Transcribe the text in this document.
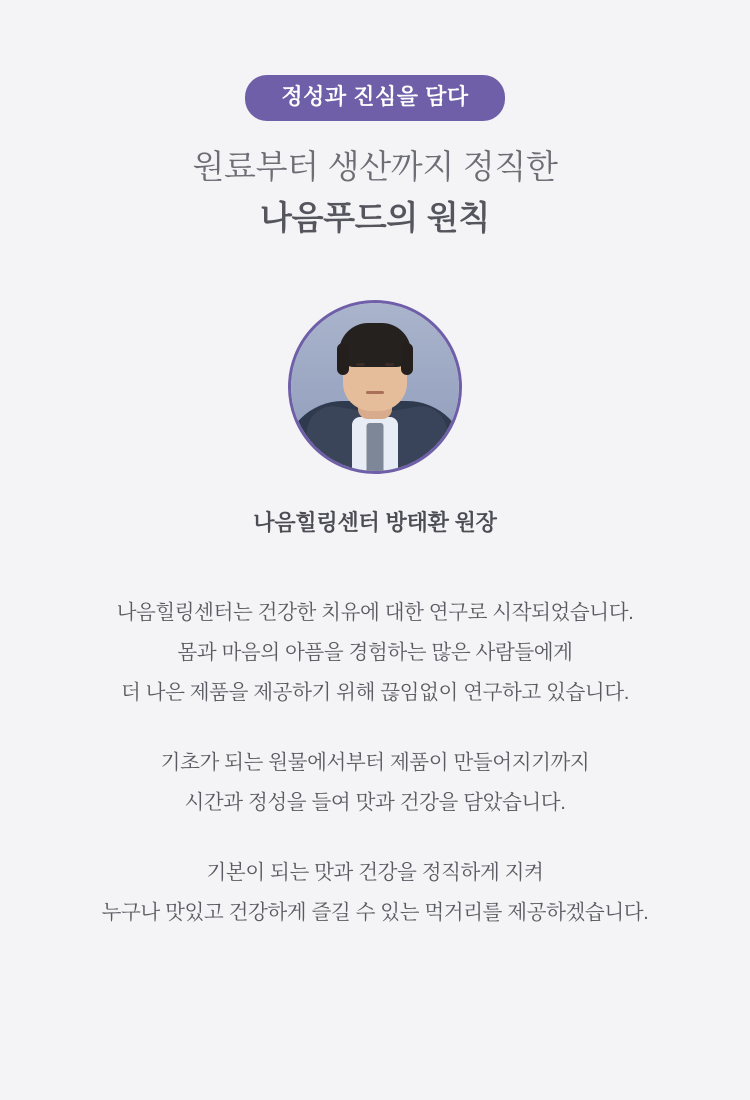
정성과 진심을 담다
원료부터 생산까지 정직한
나음푸드의 원칙
나음힐링센터 방태환 원장

나음힐링센터는 건강한 치유에 대한 연구로 시작되었습니다.
몸과 마음의 아픔을 경험하는 많은 사람들에게
더 나은 제품을 제공하기 위해 끊임없이 연구하고 있습니다.

기초가 되는 원물에서부터 제품이 만들어지기까지
시간과 정성을 들여 맛과 건강을 담았습니다.

기본이 되는 맛과 건강을 정직하게 지켜
누구나 맛있고 건강하게 즐길 수 있는 먹거리를 제공하겠습니다.
